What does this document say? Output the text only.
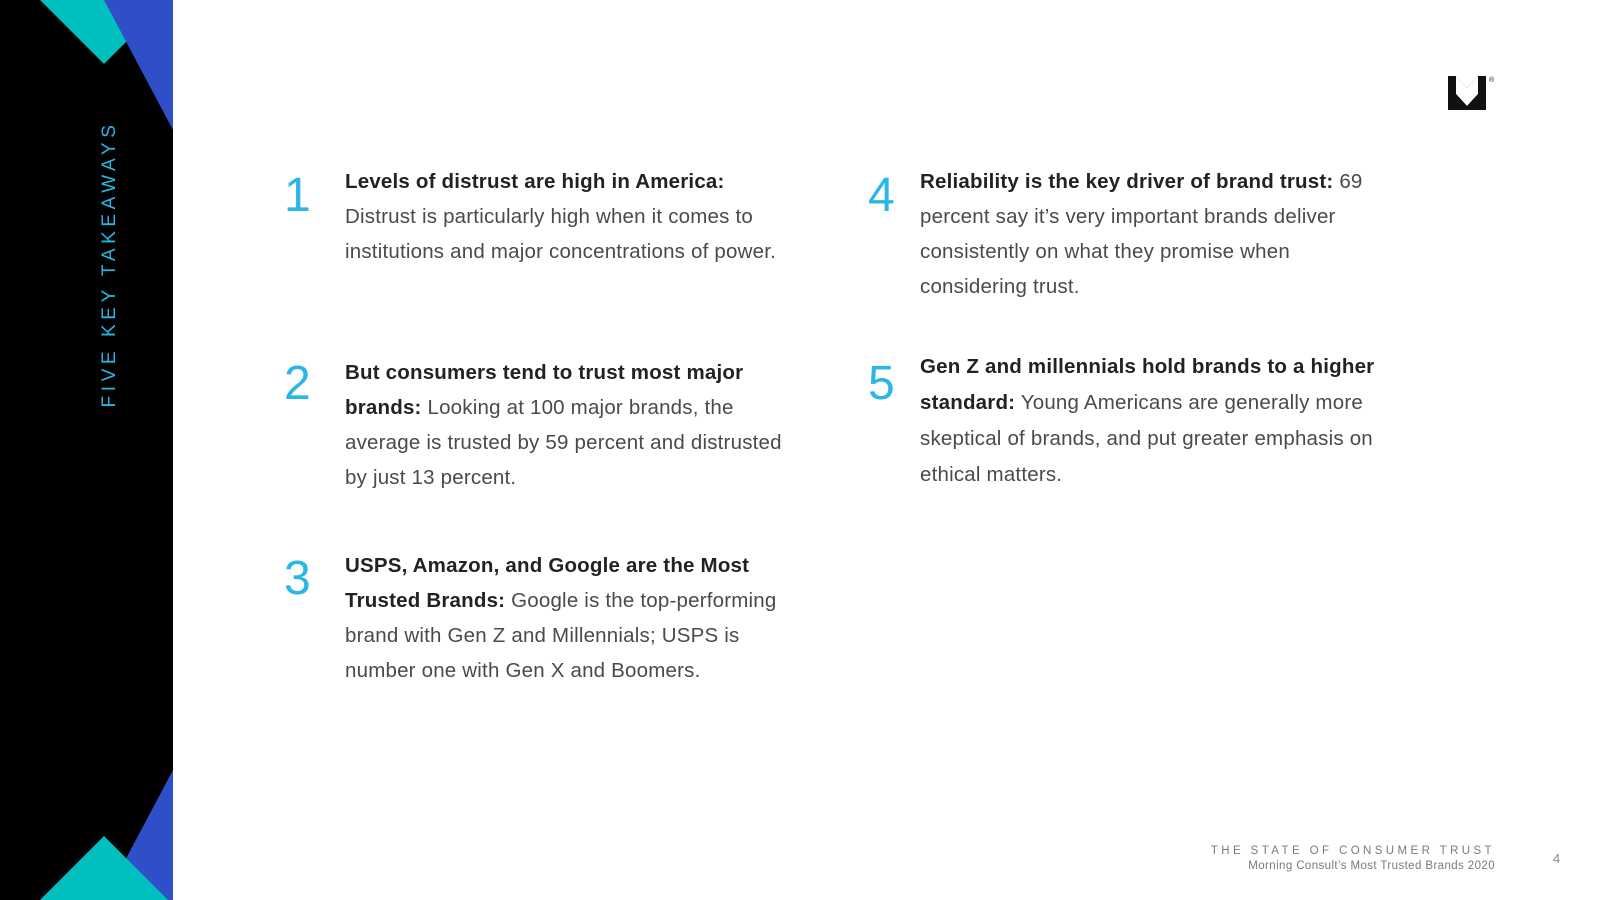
FIVE KEY TAKEAWAYS
®
1 Levels of distrust are high in America: Distrust is particularly high when it comes to institutions and major concentrations of power.
2 But consumers tend to trust most major brands: Looking at 100 major brands, the average is trusted by 59 percent and distrusted by just 13 percent.
3 USPS, Amazon, and Google are the Most Trusted Brands: Google is the top-performing brand with Gen Z and Millennials; USPS is number one with Gen X and Boomers.
4 Reliability is the key driver of brand trust: 69 percent say it’s very important brands deliver consistently on what they promise when considering trust.
5 Gen Z and millennials hold brands to a higher standard: Young Americans are generally more skeptical of brands, and put greater emphasis on ethical matters.
THE STATE OF CONSUMER TRUST
Morning Consult’s Most Trusted Brands 2020	4
